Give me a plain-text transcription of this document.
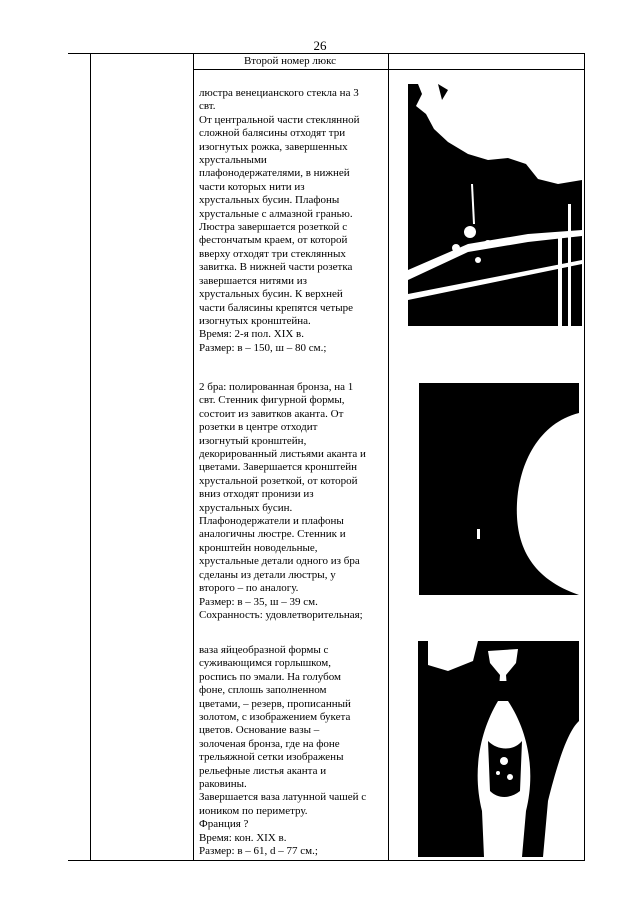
26
Второй номер люкс
люстра венецианского стекла на 3
свт.
От центральной части стеклянной
сложной балясины отходят три
изогнутых рожка, завершенных
хрустальными
плафонодержателями, в нижней
части которых нити из
хрустальных бусин. Плафоны
хрустальные с алмазной гранью.
Люстра завершается розеткой с
фестончатым краем, от которой
вверху отходят три стеклянных
завитка. В нижней части розетка
завершается нитями из
хрустальных бусин. К верхней
части балясины крепятся четыре
изогнутых кронштейна.
Время: 2-я пол. XIX в.
Размер: в – 150, ш – 80 см.;
2 бра: полированная бронза, на 1
свт. Стенник фигурной формы,
состоит из завитков аканта. От
розетки в центре отходит
изогнутый кронштейн,
декорированный листьями аканта и
цветами. Завершается кронштейн
хрустальной розеткой, от которой
вниз отходят пронизи из
хрустальных бусин.
Плафонодержатели и плафоны
аналогичны люстре. Стенник и
кронштейн новодельные,
хрустальные детали одного из бра
сделаны из детали люстры, у
второго – по аналогу.
Размер: в – 35, ш – 39 см.
Сохранность: удовлетворительная;
ваза яйцеобразной формы с
суживающимся горлышком,
роспись по эмали. На голубом
фоне, сплошь заполненном
цветами, – резерв, прописанный
золотом, с изображением букета
цветов. Основание вазы –
золоченая бронза, где на фоне
трельяжной сетки изображены
рельефные листья аканта и
раковины.
Завершается ваза латунной чашей с
иоником по периметру.
Франция ?
Время: кон. XIX в.
Размер: в – 61, d – 77 см.;
